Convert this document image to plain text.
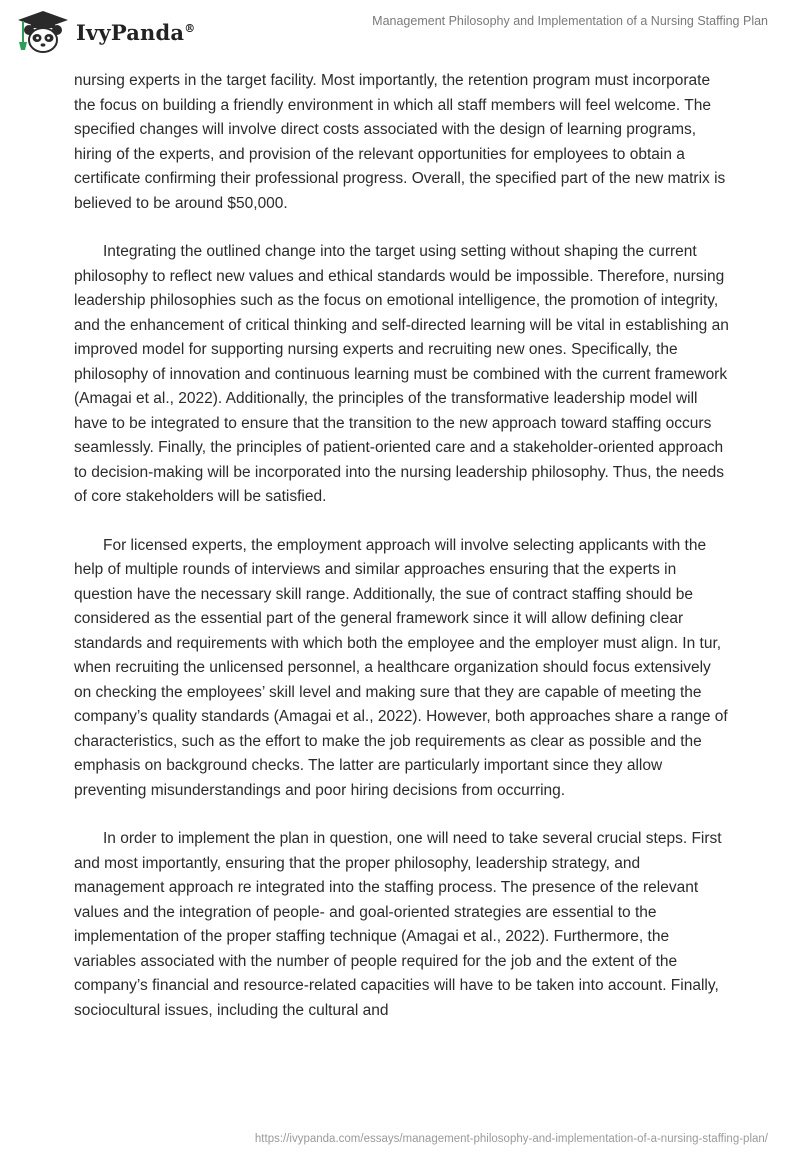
IvyPanda®	Management Philosophy and Implementation of a Nursing Staffing Plan

nursing experts in the target facility. Most importantly, the retention program must incorporate the focus on building a friendly environment in which all staff members will feel welcome. The specified changes will involve direct costs associated with the design of learning programs, hiring of the experts, and provision of the relevant opportunities for employees to obtain a certificate confirming their professional progress. Overall, the specified part of the new matrix is believed to be around $50,000.

Integrating the outlined change into the target using setting without shaping the current philosophy to reflect new values and ethical standards would be impossible. Therefore, nursing leadership philosophies such as the focus on emotional intelligence, the promotion of integrity, and the enhancement of critical thinking and self-directed learning will be vital in establishing an improved model for supporting nursing experts and recruiting new ones. Specifically, the philosophy of innovation and continuous learning must be combined with the current framework (Amagai et al., 2022). Additionally, the principles of the transformative leadership model will have to be integrated to ensure that the transition to the new approach toward staffing occurs seamlessly. Finally, the principles of patient-oriented care and a stakeholder-oriented approach to decision-making will be incorporated into the nursing leadership philosophy. Thus, the needs of core stakeholders will be satisfied.

For licensed experts, the employment approach will involve selecting applicants with the help of multiple rounds of interviews and similar approaches ensuring that the experts in question have the necessary skill range. Additionally, the sue of contract staffing should be considered as the essential part of the general framework since it will allow defining clear standards and requirements with which both the employee and the employer must align. In tur, when recruiting the unlicensed personnel, a healthcare organization should focus extensively on checking the employees’ skill level and making sure that they are capable of meeting the company’s quality standards (Amagai et al., 2022). However, both approaches share a range of characteristics, such as the effort to make the job requirements as clear as possible and the emphasis on background checks. The latter are particularly important since they allow preventing misunderstandings and poor hiring decisions from occurring.

In order to implement the plan in question, one will need to take several crucial steps. First and most importantly, ensuring that the proper philosophy, leadership strategy, and management approach re integrated into the staffing process. The presence of the relevant values and the integration of people- and goal-oriented strategies are essential to the implementation of the proper staffing technique (Amagai et al., 2022). Furthermore, the variables associated with the number of people required for the job and the extent of the company’s financial and resource-related capacities will have to be taken into account. Finally, sociocultural issues, including the cultural and

https://ivypanda.com/essays/management-philosophy-and-implementation-of-a-nursing-staffing-plan/
